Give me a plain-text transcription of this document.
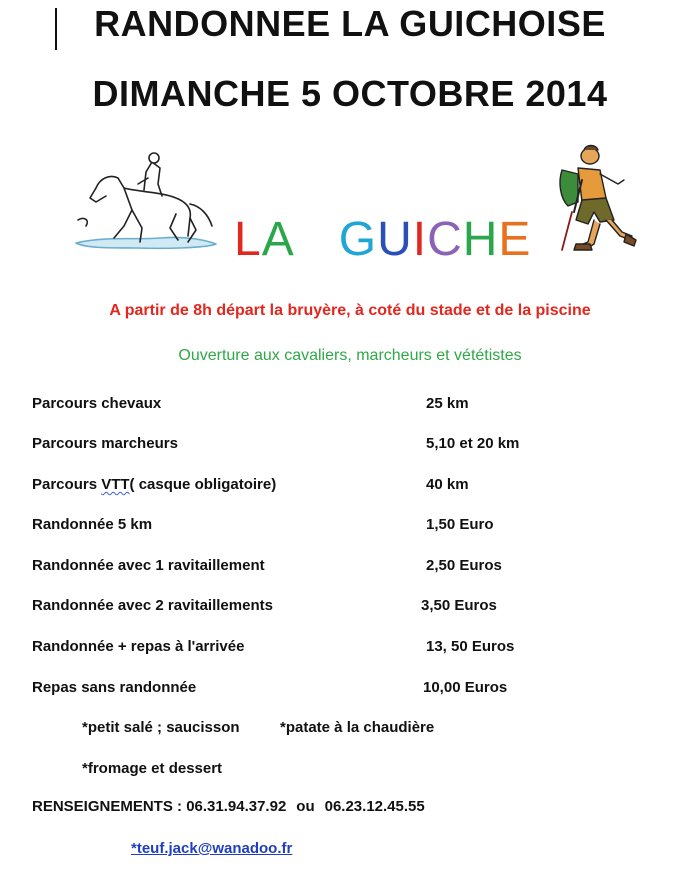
RANDONNEE LA GUICHOISE
DIMANCHE 5 OCTOBRE 2014
LA GUICHE
A partir de 8h départ la bruyère, à coté du stade et de la piscine
Ouverture aux cavaliers, marcheurs et vététistes
Parcours chevaux	25 km
Parcours marcheurs	5,10 et 20 km
Parcours VTT( casque obligatoire)	40 km
Randonnée 5 km	1,50 Euro
Randonnée avec 1 ravitaillement	2,50 Euros
Randonnée avec 2 ravitaillements	3,50 Euros
Randonnée + repas à l'arrivée	13, 50 Euros
Repas sans randonnée	10,00 Euros
*petit salé ; saucisson	*patate à la chaudière
*fromage et dessert
RENSEIGNEMENTS : 06.31.94.37.92 ou 06.23.12.45.55
*teuf.jack@wanadoo.fr
